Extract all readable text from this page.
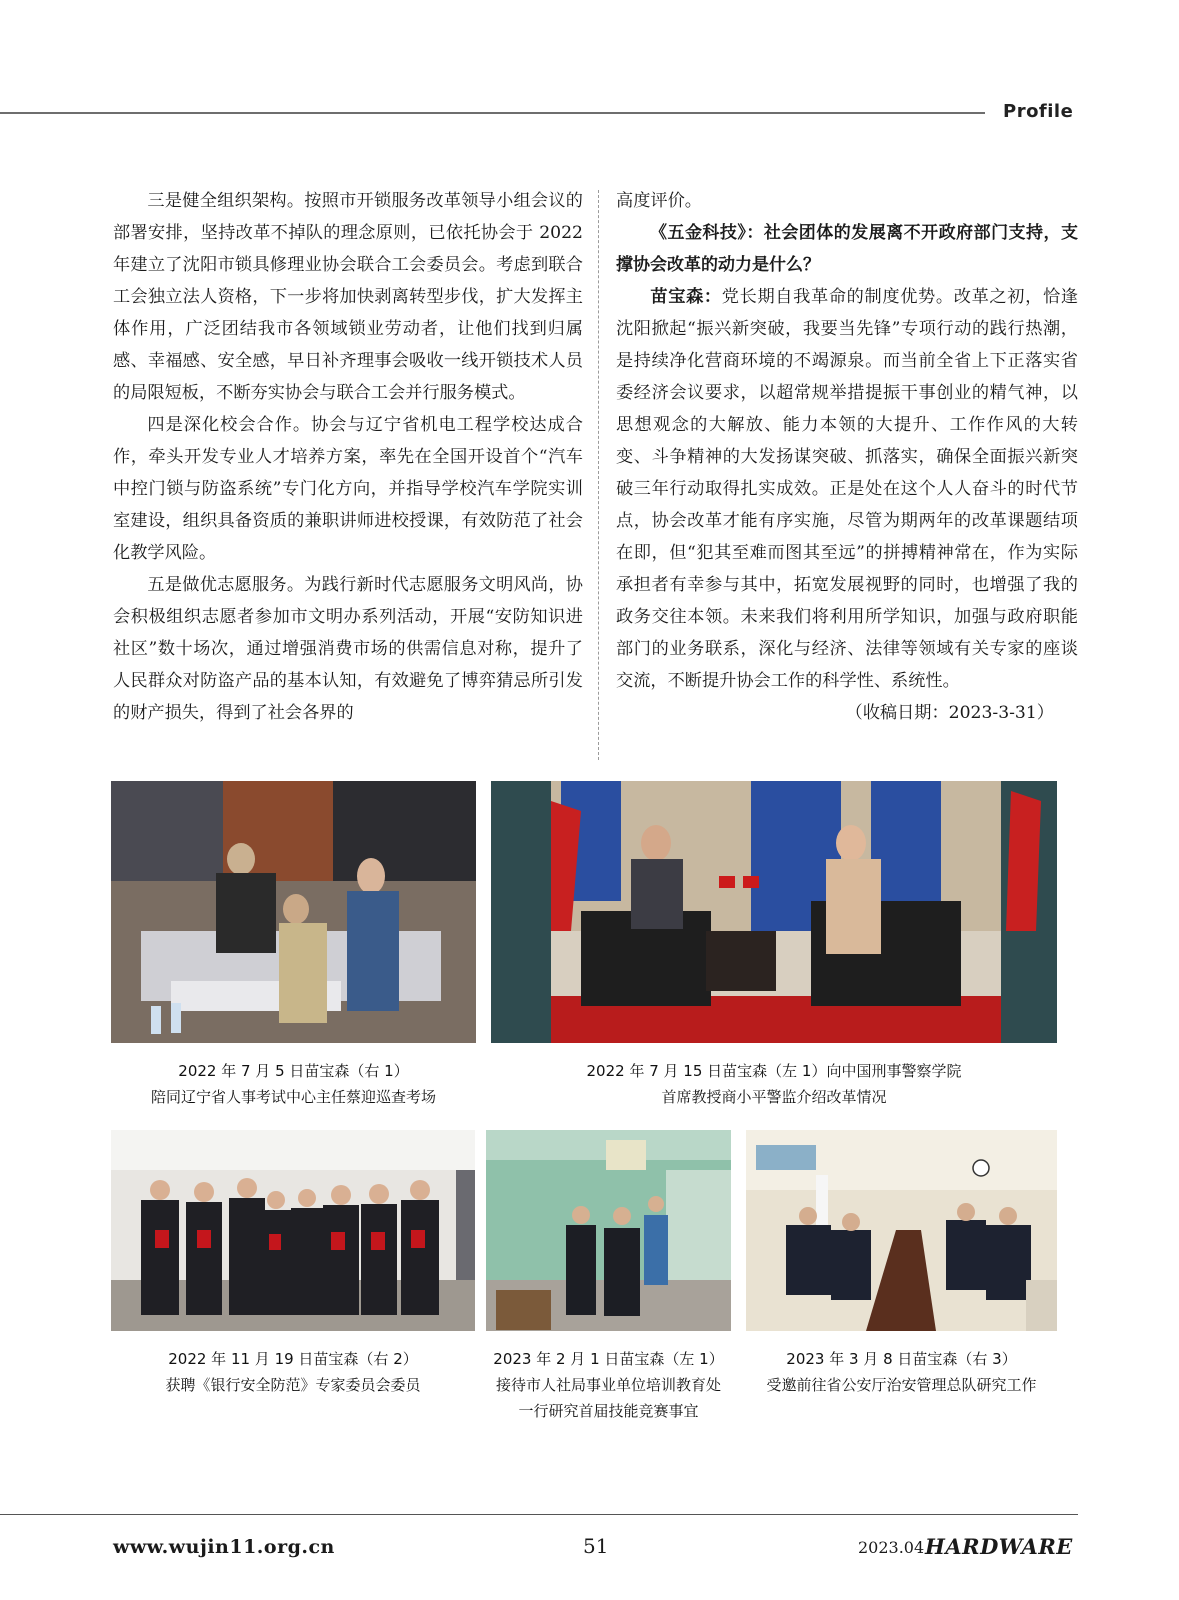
Profile

三是健全组织架构。按照市开锁服务改革领导小组会议的部署安排，坚持改革不掉队的理念原则，已依托协会于 2022 年建立了沈阳市锁具修理业协会联合工会委员会。考虑到联合工会独立法人资格，下一步将加快剥离转型步伐，扩大发挥主体作用，广泛团结我市各领域锁业劳动者，让他们找到归属感、幸福感、安全感，早日补齐理事会吸收一线开锁技术人员的局限短板，不断夯实协会与联合工会并行服务模式。

四是深化校会合作。协会与辽宁省机电工程学校达成合作，牵头开发专业人才培养方案，率先在全国开设首个“汽车中控门锁与防盗系统”专门化方向，并指导学校汽车学院实训室建设，组织具备资质的兼职讲师进校授课，有效防范了社会化教学风险。

五是做优志愿服务。为践行新时代志愿服务文明风尚，协会积极组织志愿者参加市文明办系列活动，开展“安防知识进社区”数十场次，通过增强消费市场的供需信息对称，提升了人民群众对防盗产品的基本认知，有效避免了博弈猜忌所引发的财产损失，得到了社会各界的

高度评价。

《五金科技》：社会团体的发展离不开政府部门支持，支撑协会改革的动力是什么？

苗宝森：党长期自我革命的制度优势。改革之初，恰逢沈阳掀起“振兴新突破，我要当先锋”专项行动的践行热潮，是持续净化营商环境的不竭源泉。而当前全省上下正落实省委经济会议要求，以超常规举措提振干事创业的精气神，以思想观念的大解放、能力本领的大提升、工作作风的大转变、斗争精神的大发扬谋突破、抓落实，确保全面振兴新突破三年行动取得扎实成效。正是处在这个人人奋斗的时代节点，协会改革才能有序实施，尽管为期两年的改革课题结项在即，但“犯其至难而图其至远”的拼搏精神常在，作为实际承担者有幸参与其中，拓宽发展视野的同时，也增强了我的政务交往本领。未来我们将利用所学知识，加强与政府职能部门的业务联系，深化与经济、法律等领域有关专家的座谈交流，不断提升协会工作的科学性、系统性。

（收稿日期：2023-3-31）

2022 年 7 月 5 日苗宝森（右 1）
陪同辽宁省人事考试中心主任蔡迎巡查考场
2022 年 7 月 15 日苗宝森（左 1）向中国刑事警察学院
首席教授商小平警监介绍改革情况
2022 年 11 月 19 日苗宝森（右 2）
获聘《银行安全防范》专家委员会委员
2023 年 2 月 1 日苗宝森（左 1）
接待市人社局事业单位培训教育处
一行研究首届技能竞赛事宜
2023 年 3 月 8 日苗宝森（右 3）
受邀前往省公安厅治安管理总队研究工作
www.wujin11.org.cn	51	2023.04 HARDWARE
